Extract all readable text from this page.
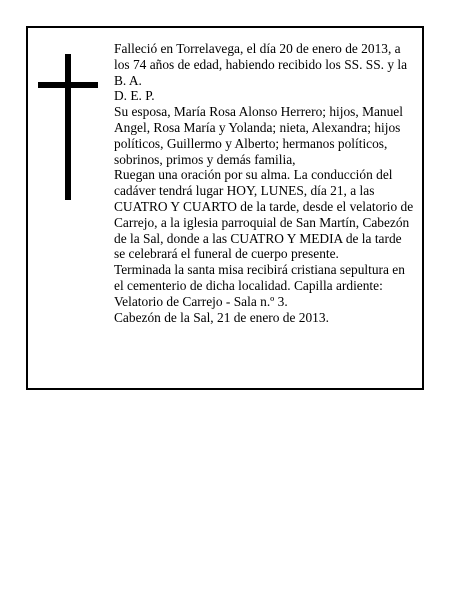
Falleció en Torrelavega, el día 20 de enero de 2013, a los 74 años de edad, habiendo recibido los SS. SS. y la B. A.

D. E. P.

Su esposa, María Rosa Alonso Herrero; hijos, Manuel Angel, Rosa María y Yolanda; nieta, Alexandra; hijos políticos, Guillermo y Alberto; hermanos políticos, sobrinos, primos y demás familia,

Ruegan una oración por su alma. La conducción del cadáver tendrá lugar HOY, LUNES, día 21, a las CUATRO Y CUARTO de la tarde, desde el velatorio de Carrejo, a la iglesia parroquial de San Martín, Cabezón de la Sal, donde a las CUATRO Y MEDIA de la tarde se celebrará el funeral de cuerpo presente.

Terminada la santa misa recibirá cristiana sepultura en el cementerio de dicha localidad. Capilla ardiente: Velatorio de Carrejo - Sala n.º 3.

Cabezón de la Sal, 21 de enero de 2013.
